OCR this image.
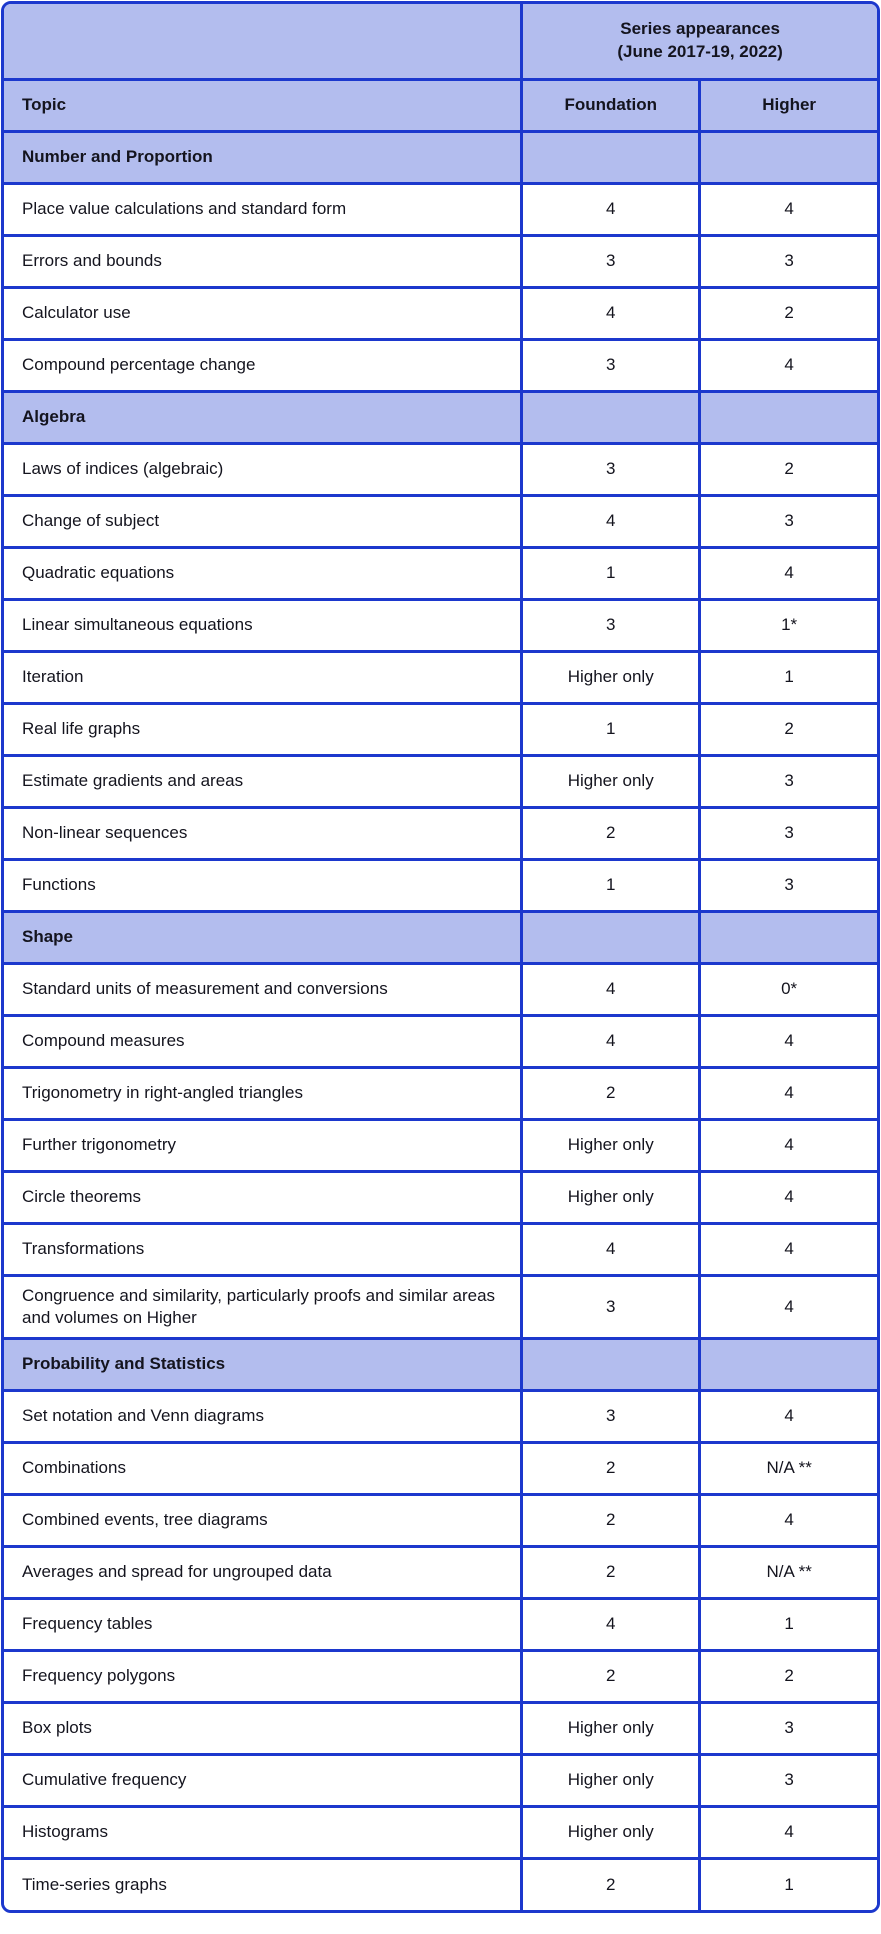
	Series appearances
(June 2017-19, 2022)	

Topic	Foundation	Higher
Number and Proportion		
Place value calculations and standard form	4	4
Errors and bounds	3	3
Calculator use	4	2
Compound percentage change	3	4
Algebra		
Laws of indices (algebraic)	3	2
Change of subject	4	3
Quadratic equations	1	4
Linear simultaneous equations	3	1*
Iteration	Higher only	1
Real life graphs	1	2
Estimate gradients and areas	Higher only	3
Non-linear sequences	2	3
Functions	1	3
Shape		
Standard units of measurement and conversions	4	0*
Compound measures	4	4
Trigonometry in right-angled triangles	2	4
Further trigonometry	Higher only	4
Circle theorems	Higher only	4
Transformations	4	4
Congruence and similarity, particularly proofs and similar areas and volumes on Higher	3	4
Probability and Statistics		
Set notation and Venn diagrams	3	4
Combinations	2	N/A **
Combined events, tree diagrams	2	4
Averages and spread for ungrouped data	2	N/A **
Frequency tables	4	1
Frequency polygons	2	2
Box plots	Higher only	3
Cumulative frequency	Higher only	3
Histograms	Higher only	4
Time-series graphs	2	1
